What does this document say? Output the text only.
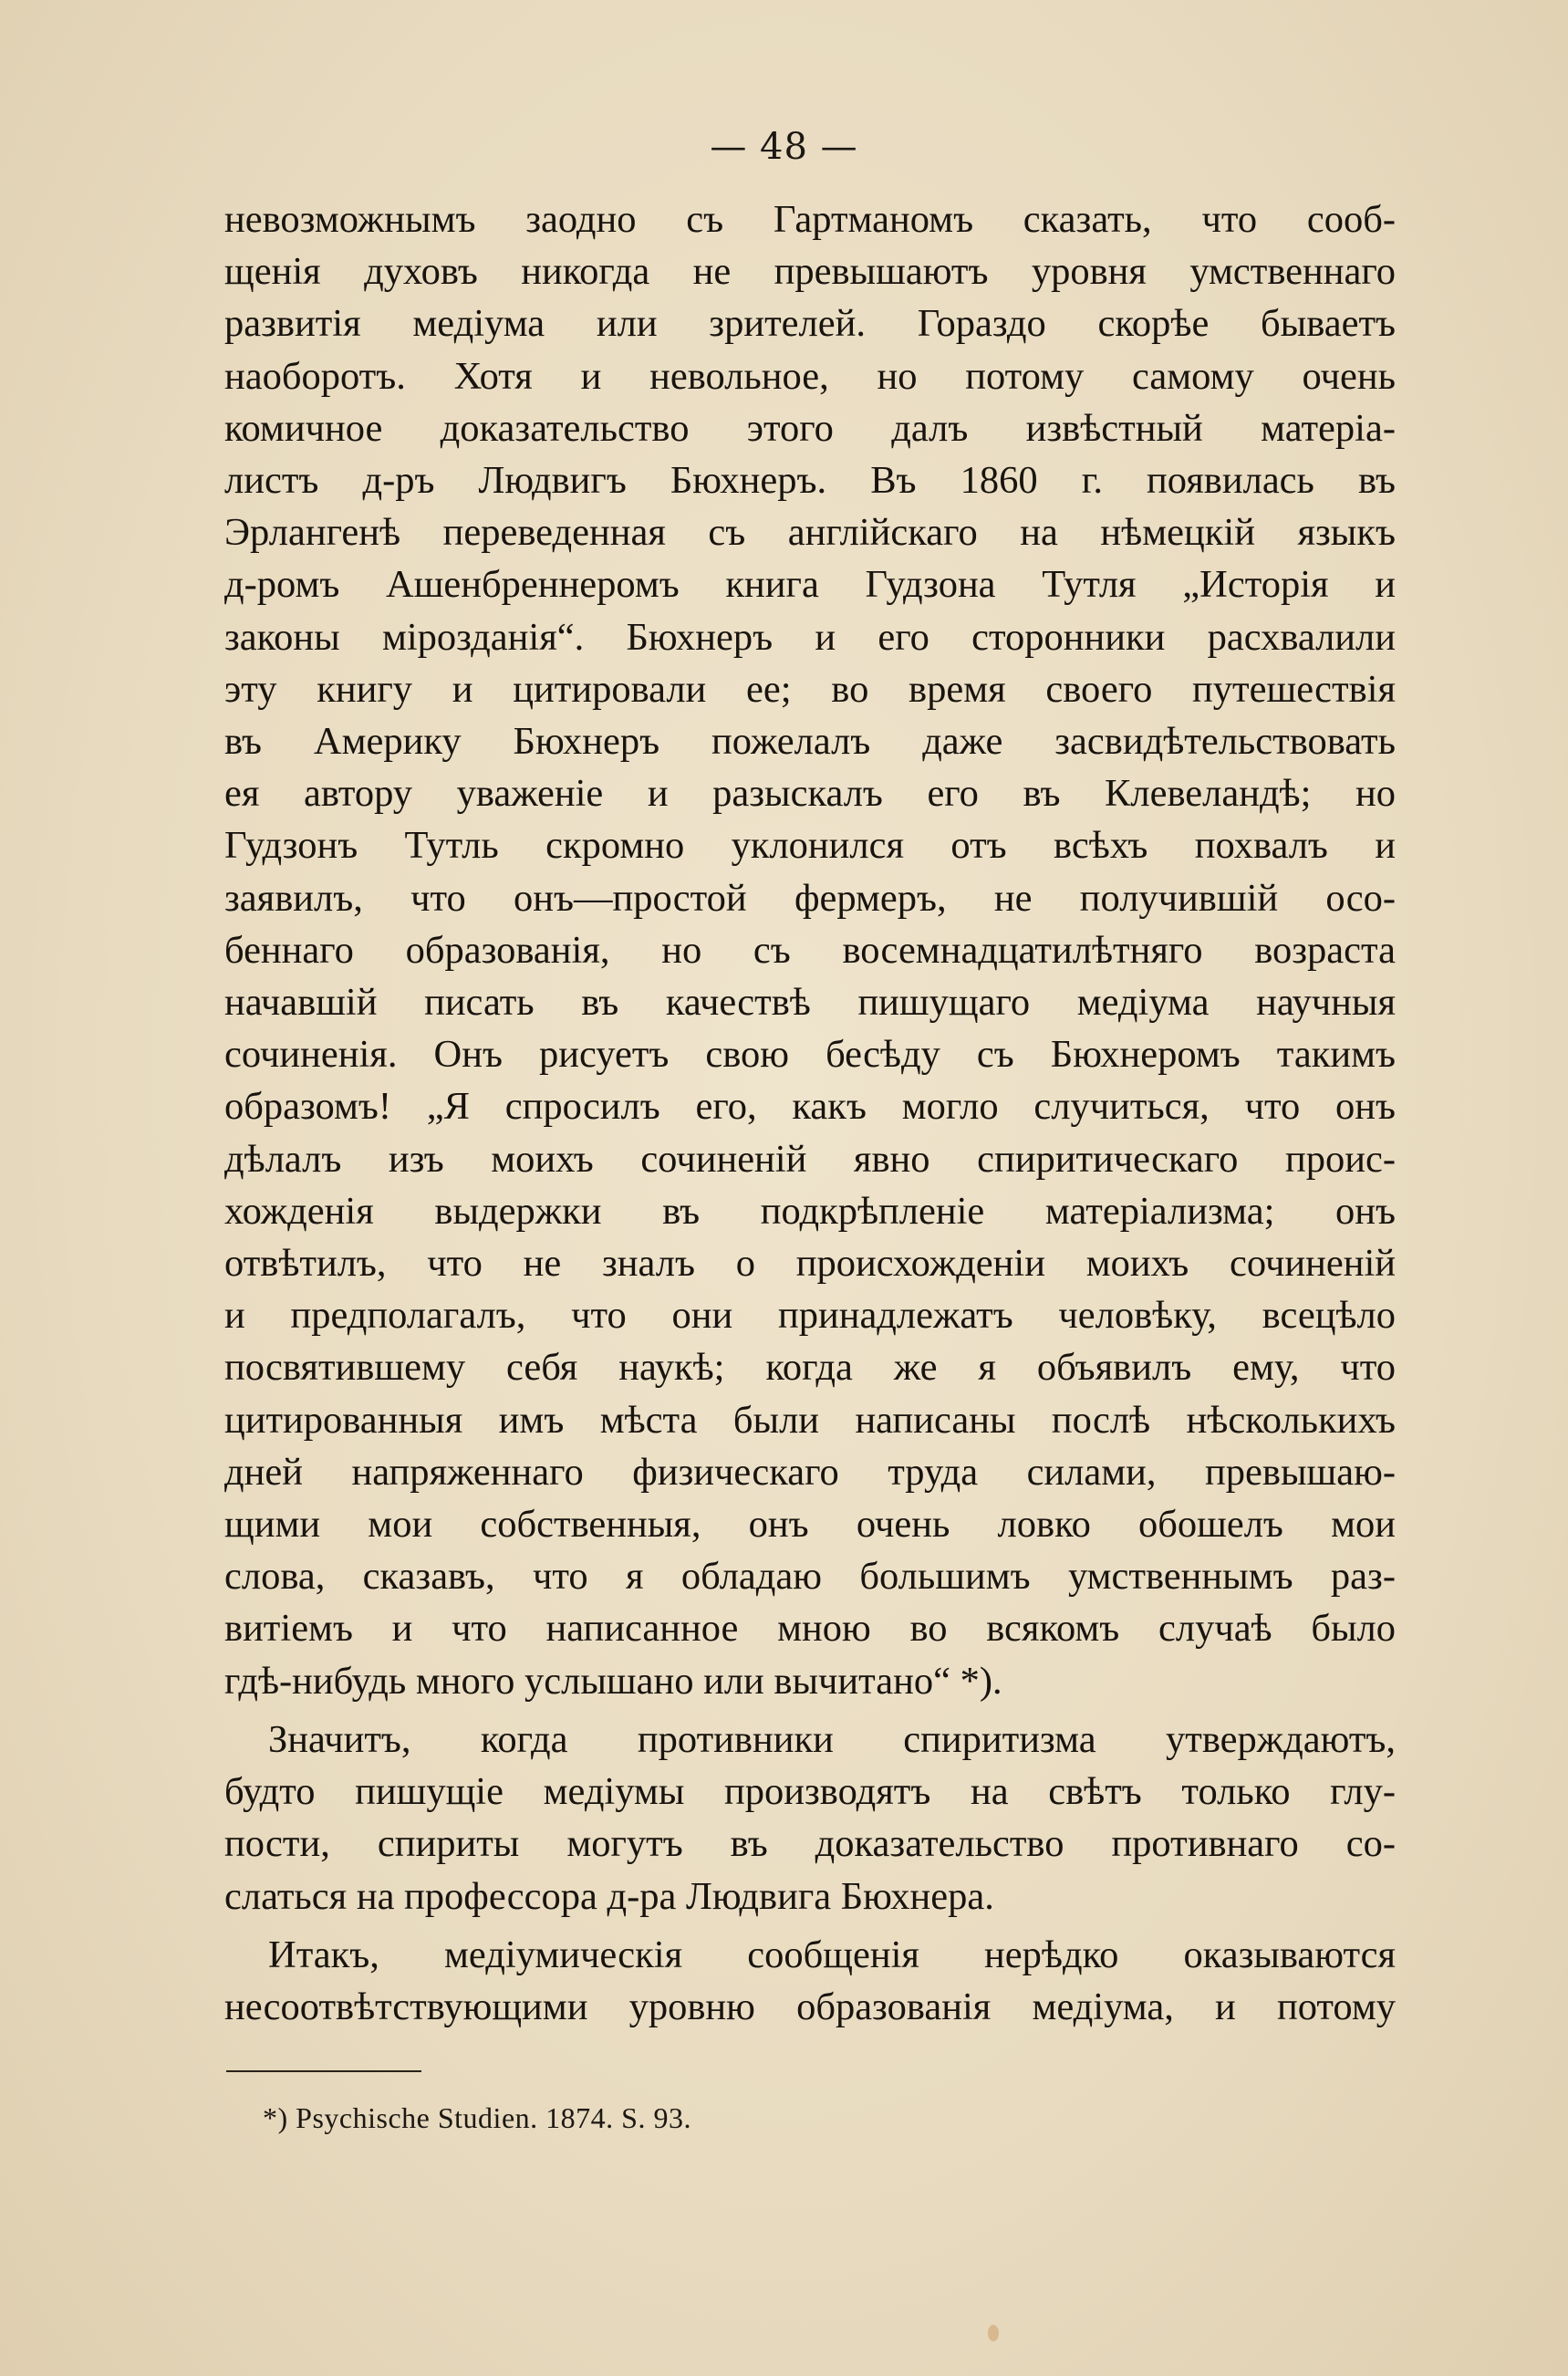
— 48 —
невозможнымъ заодно съ Гартманомъ сказать, что сооб-
щенія духовъ никогда не превышаютъ уровня умственнаго
развитія медіума или зрителей. Гораздо скорѣе бываетъ
наоборотъ. Хотя и невольное, но потому самому очень
комичное доказательство этого далъ извѣстный матеріа-
листъ д-ръ Людвигъ Бюхнеръ. Въ 1860 г. появилась въ
Эрлангенѣ переведенная съ англійскаго на нѣмецкій языкъ
д-ромъ Ашенбреннеромъ книга Гудзона Тутля „Исторія и
законы мірозданія“. Бюхнеръ и его сторонники расхвалили
эту книгу и цитировали ее; во время своего путешествія
въ Америку Бюхнеръ пожелалъ даже засвидѣтельствовать
ея автору уваженіе и разыскалъ его въ Клевеландѣ; но
Гудзонъ Тутль скромно уклонился отъ всѣхъ похвалъ и
заявилъ, что онъ—простой фермеръ, не получившій осо-
беннаго образованія, но съ восемнадцатилѣтняго возраста
начавшій писать въ качествѣ пишущаго медіума научныя
сочиненія. Онъ рисуетъ свою бесѣду съ Бюхнеромъ такимъ
образомъ! „Я спросилъ его, какъ могло случиться, что онъ
дѣлалъ изъ моихъ сочиненій явно спиритическаго проис-
хожденія выдержки въ подкрѣпленіе матеріализма; онъ
отвѣтилъ, что не зналъ о происхожденіи моихъ сочиненій
и предполагалъ, что они принадлежатъ человѣку, всецѣло
посвятившему себя наукѣ; когда же я объявилъ ему, что
цитированныя имъ мѣста были написаны послѣ нѣсколькихъ
дней напряженнаго физическаго труда силами, превышаю-
щими мои собственныя, онъ очень ловко обошелъ мои
слова, сказавъ, что я обладаю большимъ умственнымъ раз-
витіемъ и что написанное мною во всякомъ случаѣ было
гдѣ-нибудь много услышано или вычитано“ *).
Значитъ, когда противники спиритизма утверждаютъ,
будто пишущіе медіумы производятъ на свѣтъ только глу-
пости, спириты могутъ въ доказательство противнаго со-
слаться на профессора д-ра Людвига Бюхнера.
Итакъ, медіумическія сообщенія нерѣдко оказываются
несоотвѣтствующими уровню образованія медіума, и потому
*) Psychische Studien. 1874. S. 93.
